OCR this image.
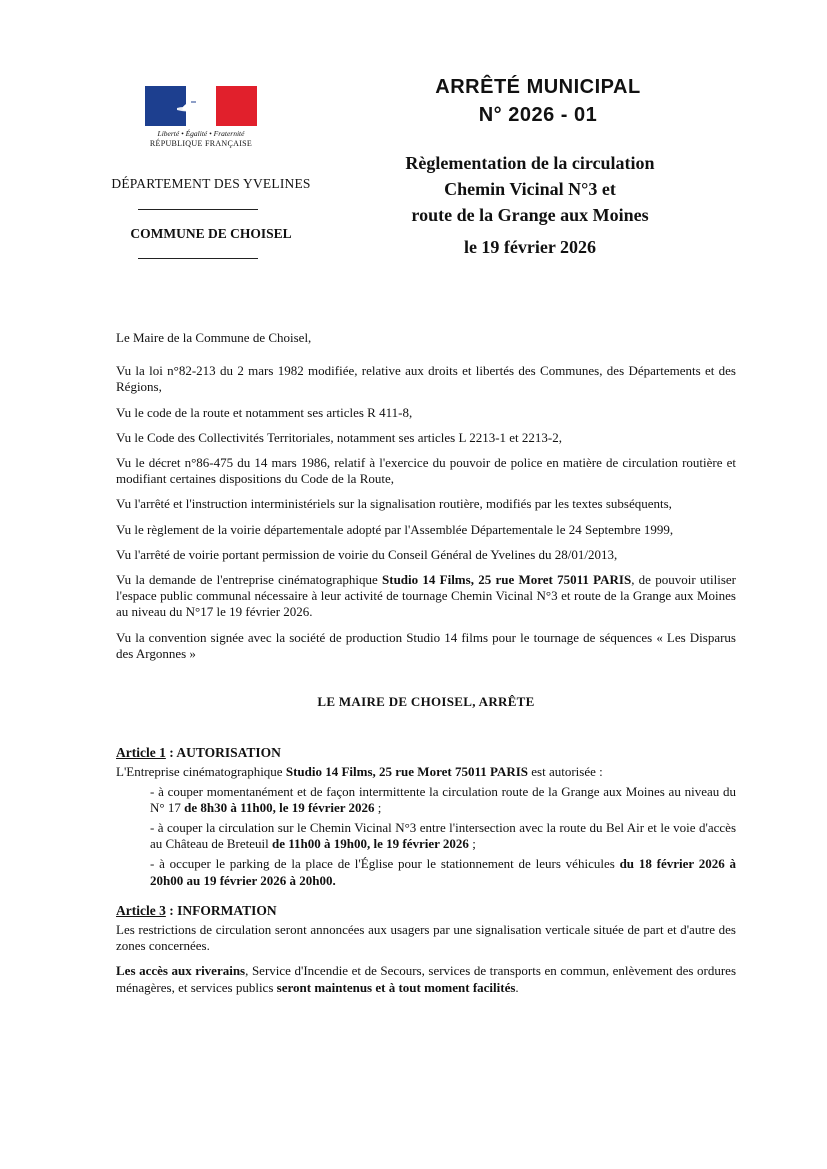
Liberté • Égalité • Fraternité
RÉPUBLIQUE FRANÇAISE
DÉPARTEMENT DES YVELINES
COMMUNE DE CHOISEL
ARRÊTÉ MUNICIPAL
N° 2026 - 01
Règlementation de la circulation
Chemin Vicinal N°3 et
route de la Grange aux Moines
le 19 février 2026

Le Maire de la Commune de Choisel,

Vu la loi n°82-213 du 2 mars 1982 modifiée, relative aux droits et libertés des Communes, des Départements et des Régions,

Vu le code de la route et notamment ses articles R 411-8,

Vu le Code des Collectivités Territoriales, notamment ses articles L 2213-1 et 2213-2,

Vu le décret n°86-475 du 14 mars 1986, relatif à l'exercice du pouvoir de police en matière de circulation routière et modifiant certaines dispositions du Code de la Route,

Vu l'arrêté et l'instruction interministériels sur la signalisation routière, modifiés par les textes subséquents,

Vu le règlement de la voirie départementale adopté par l'Assemblée Départementale le 24 Septembre 1999,

Vu l'arrêté de voirie portant permission de voirie du Conseil Général de Yvelines du 28/01/2013,

Vu la demande de l'entreprise cinématographique Studio 14 Films, 25 rue Moret 75011 PARIS, de pouvoir utiliser l'espace public communal nécessaire à leur activité de tournage Chemin Vicinal N°3 et route de la Grange aux Moines au niveau du N°17 le 19 février 2026.

Vu la convention signée avec la société de production Studio 14 films pour le tournage de séquences « Les Disparus des Argonnes »

LE MAIRE DE CHOISEL, ARRÊTE
Article 1 : AUTORISATION

L'Entreprise cinématographique Studio 14 Films, 25 rue Moret 75011 PARIS est autorisée :

- à couper momentanément et de façon intermittente la circulation route de la Grange aux Moines au niveau du N° 17 de 8h30 à 11h00, le 19 février 2026 ;
- à couper la circulation sur le Chemin Vicinal N°3 entre l'intersection avec la route du Bel Air et le voie d'accès au Château de Breteuil de 11h00 à 19h00, le 19 février 2026 ;
- à occuper le parking de la place de l'Église pour le stationnement de leurs véhicules du 18 février 2026 à 20h00 au 19 février 2026 à 20h00.
Article 3 : INFORMATION

Les restrictions de circulation seront annoncées aux usagers par une signalisation verticale située de part et d'autre des zones concernées.

Les accès aux riverains, Service d'Incendie et de Secours, services de transports en commun, enlèvement des ordures ménagères, et services publics seront maintenus et à tout moment facilités.
